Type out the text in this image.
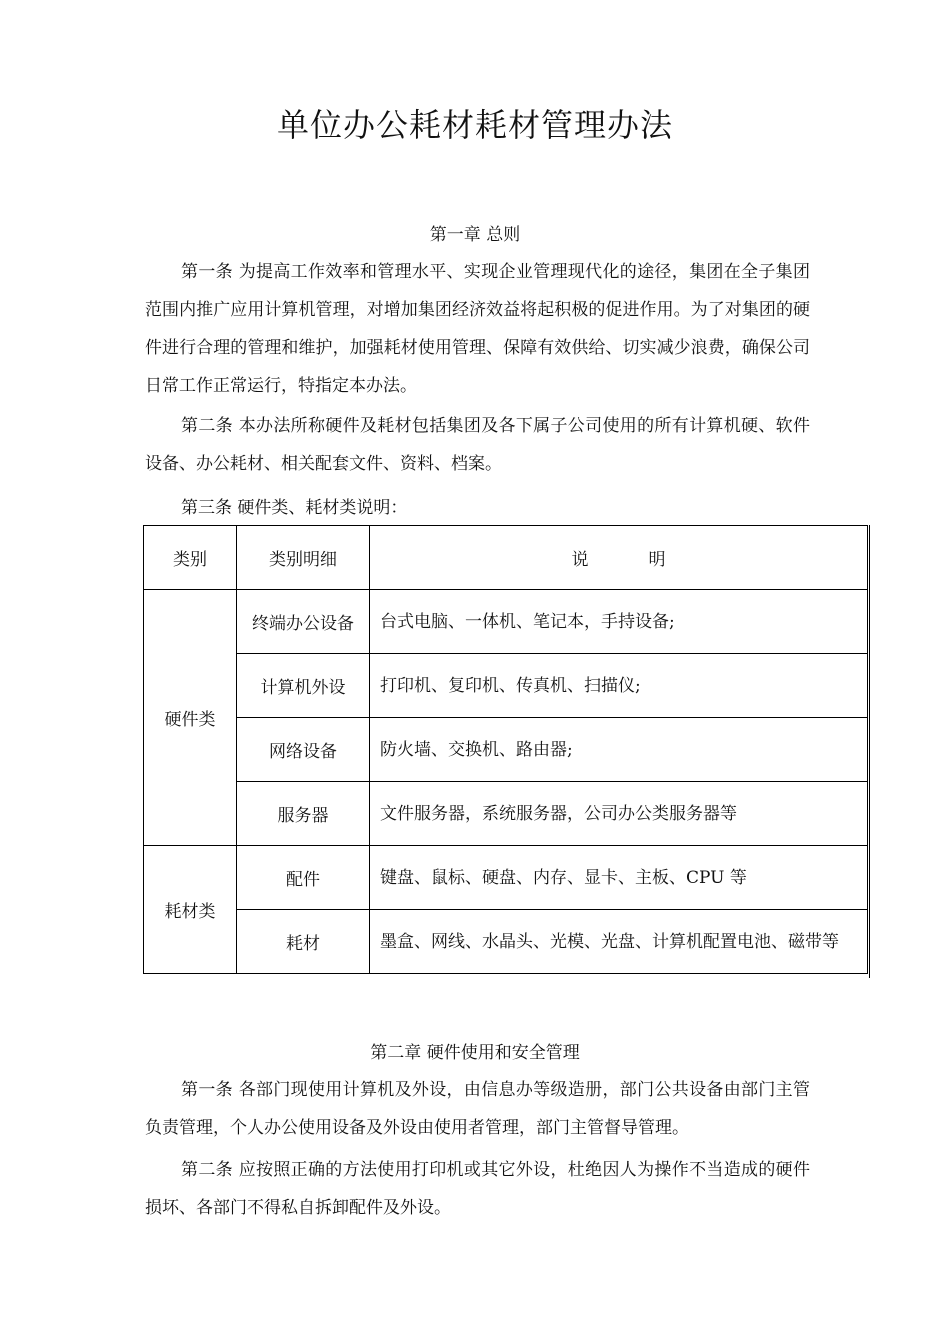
单位办公耗材耗材管理办法
第一章 总则
第一条 为提高工作效率和管理水平、实现企业管理现代化的途径，集团在全子集团范围内推广应用计算机管理，对增加集团经济效益将起积极的促进作用。为了对集团的硬件进行合理的管理和维护，加强耗材使用管理、保障有效供给、切实减少浪费，确保公司日常工作正常运行，特指定本办法。
第二条 本办法所称硬件及耗材包括集团及各下属子公司使用的所有计算机硬、软件设备、办公耗材、相关配套文件、资料、档案。
第三条 硬件类、耗材类说明：
类别	类别明细	说明
硬件类	终端办公设备	台式电脑、一体机、笔记本，手持设备;
	计算机外设	打印机、复印机、传真机、扫描仪;
	网络设备	防火墙、交换机、路由器;
	服务器	文件服务器，系统服务器，公司办公类服务器等
耗材类	配件	键盘、鼠标、硬盘、内存、显卡、主板、CPU 等
	耗材	墨盒、网线、水晶头、光模、光盘、计算机配置电池、磁带等
第二章 硬件使用和安全管理
第一条 各部门现使用计算机及外设，由信息办等级造册，部门公共设备由部门主管负责管理，个人办公使用设备及外设由使用者管理，部门主管督导管理。
第二条 应按照正确的方法使用打印机或其它外设，杜绝因人为操作不当造成的硬件损坏、各部门不得私自拆卸配件及外设。
